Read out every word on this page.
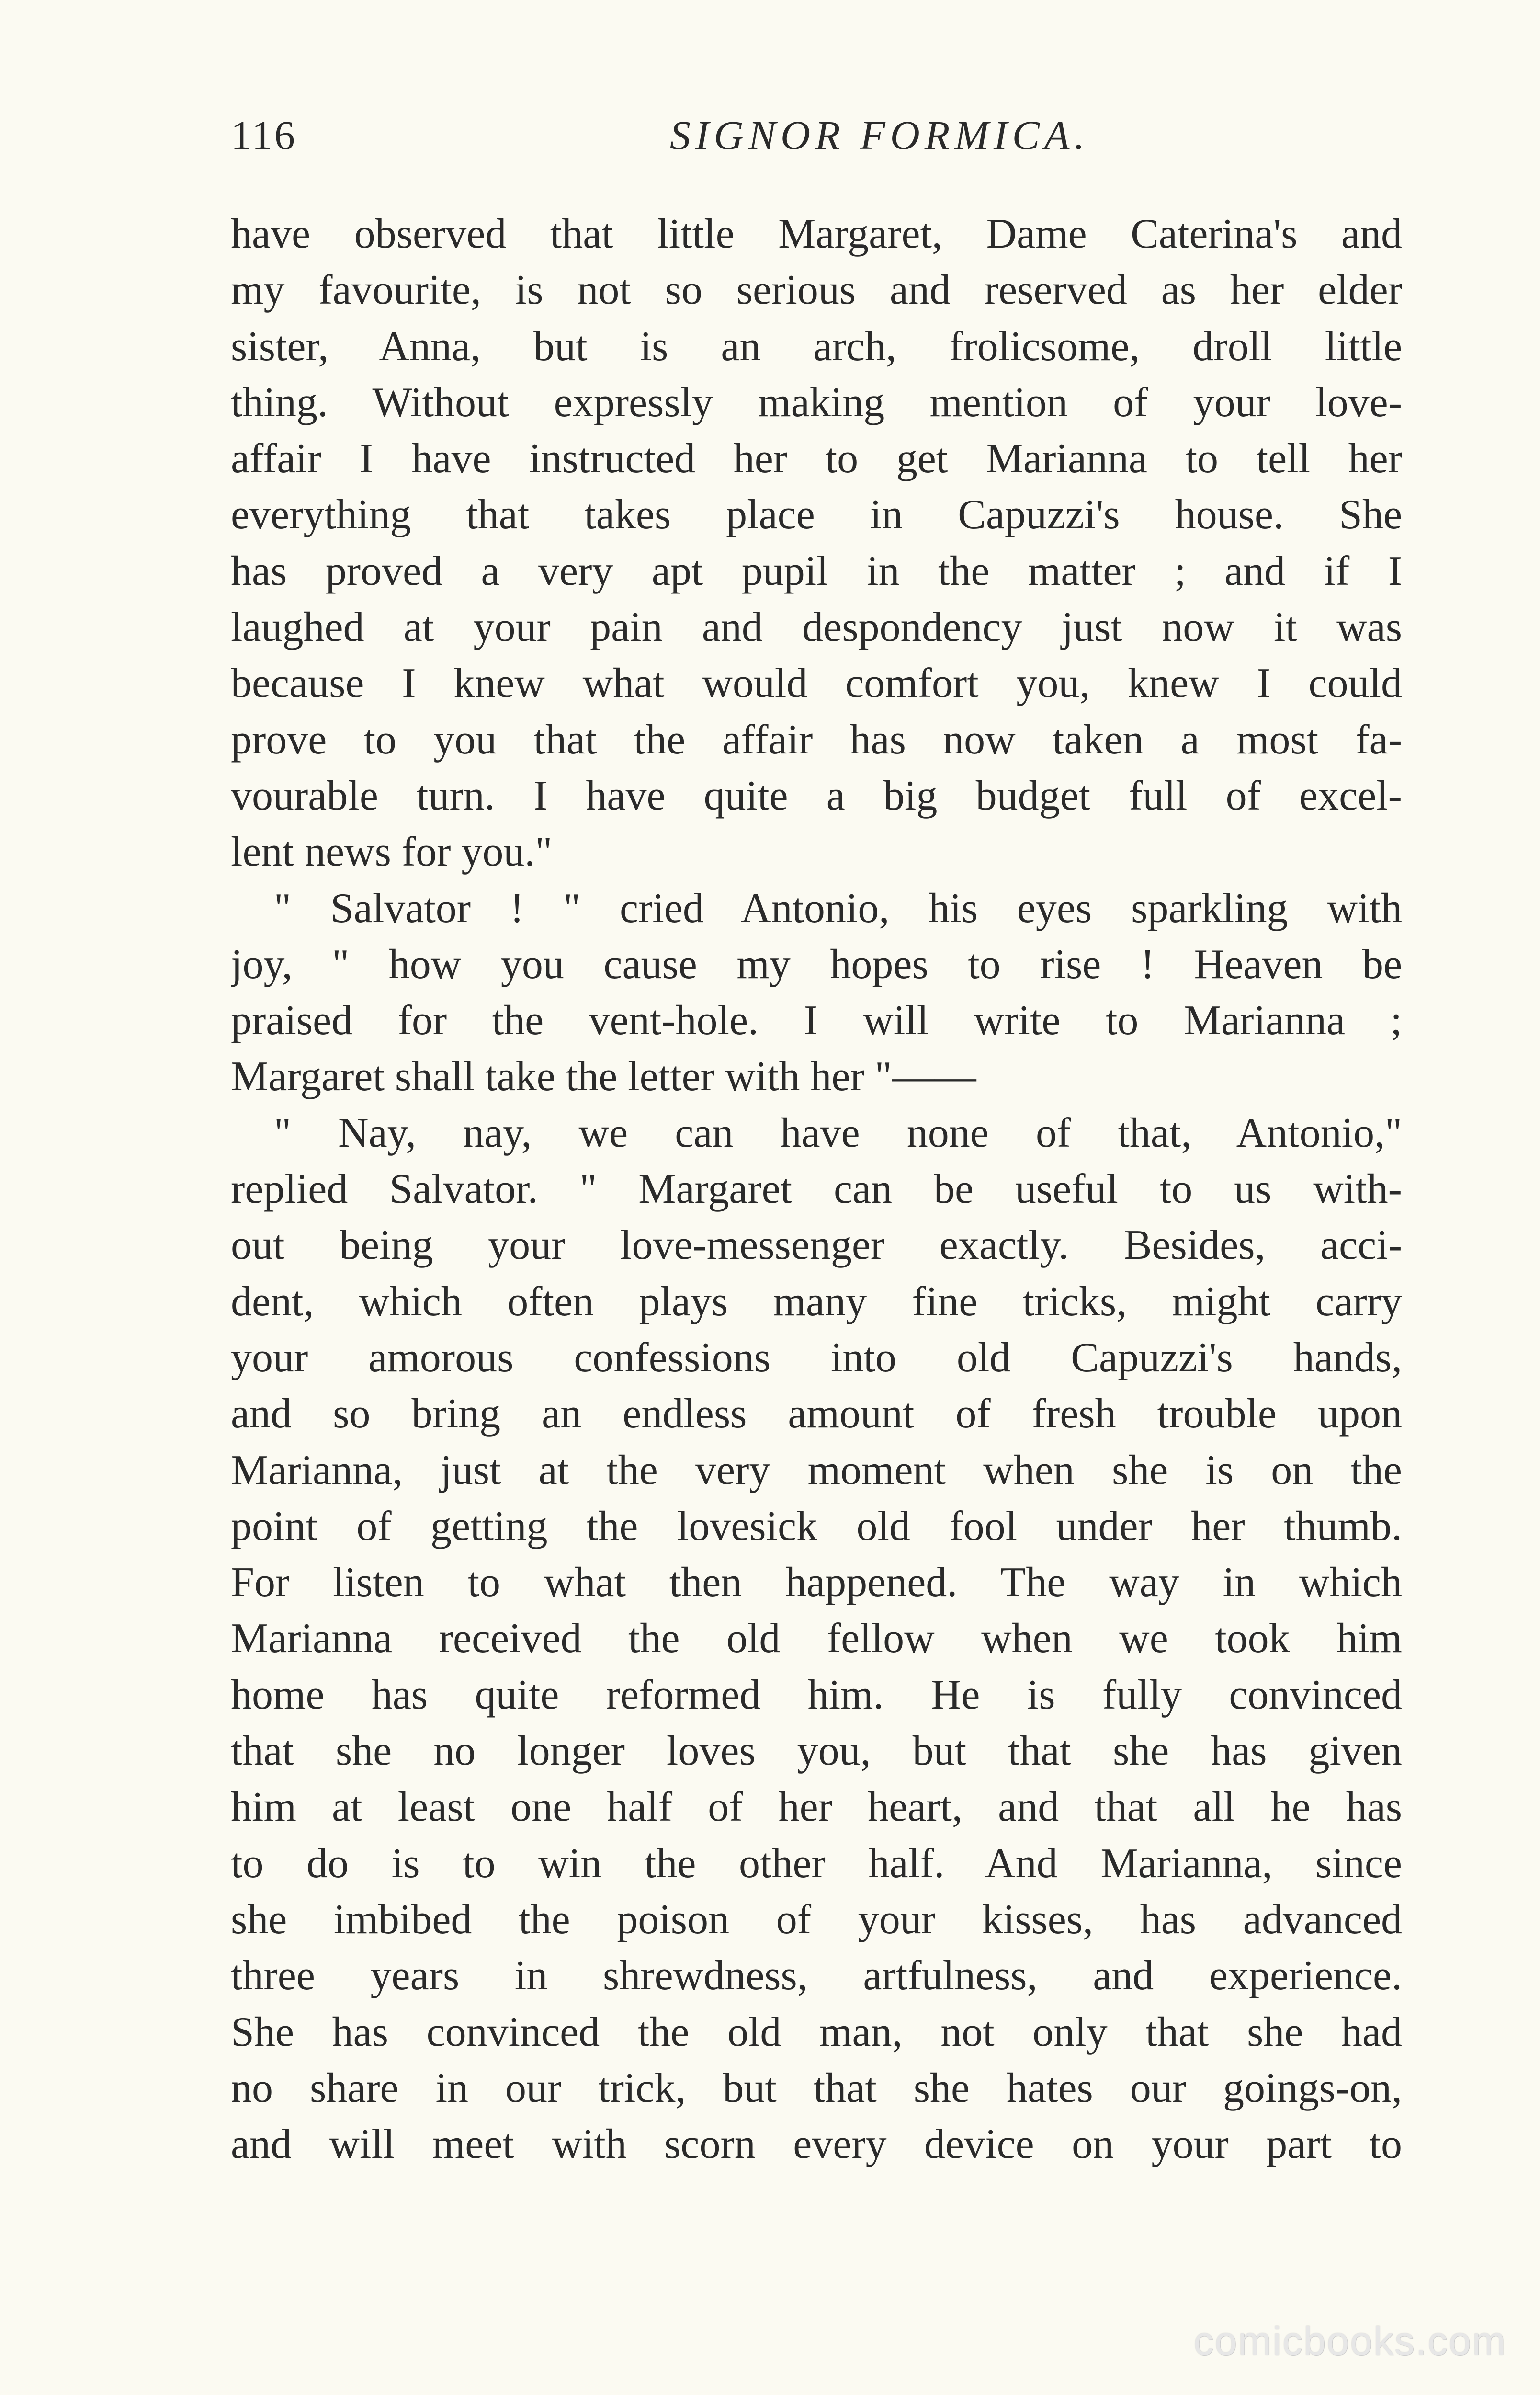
116	SIGNOR FORMICA.
have observed that little Margaret, Dame Caterina's and
my favourite, is not so serious and reserved as her elder
sister, Anna, but is an arch, frolicsome, droll little
thing. Without expressly making mention of your love-
affair I have instructed her to get Marianna to tell her
everything that takes place in Capuzzi's house. She
has proved a very apt pupil in the matter ; and if I
laughed at your pain and despondency just now it was
because I knew what would comfort you, knew I could
prove to you that the affair has now taken a most fa-
vourable turn. I have quite a big budget full of excel-
lent news for you."
" Salvator ! " cried Antonio, his eyes sparkling with
joy, " how you cause my hopes to rise ! Heaven be
praised for the vent-hole. I will write to Marianna ;
Margaret shall take the letter with her "——
" Nay, nay, we can have none of that, Antonio,"
replied Salvator. " Margaret can be useful to us with-
out being your love-messenger exactly. Besides, acci-
dent, which often plays many fine tricks, might carry
your amorous confessions into old Capuzzi's hands,
and so bring an endless amount of fresh trouble upon
Marianna, just at the very moment when she is on the
point of getting the lovesick old fool under her thumb.
For listen to what then happened. The way in which
Marianna received the old fellow when we took him
home has quite reformed him. He is fully convinced
that she no longer loves you, but that she has given
him at least one half of her heart, and that all he has
to do is to win the other half. And Marianna, since
she imbibed the poison of your kisses, has advanced
three years in shrewdness, artfulness, and experience.
She has convinced the old man, not only that she had
no share in our trick, but that she hates our goings-on,
and will meet with scorn every device on your part to
comicbooks.com
